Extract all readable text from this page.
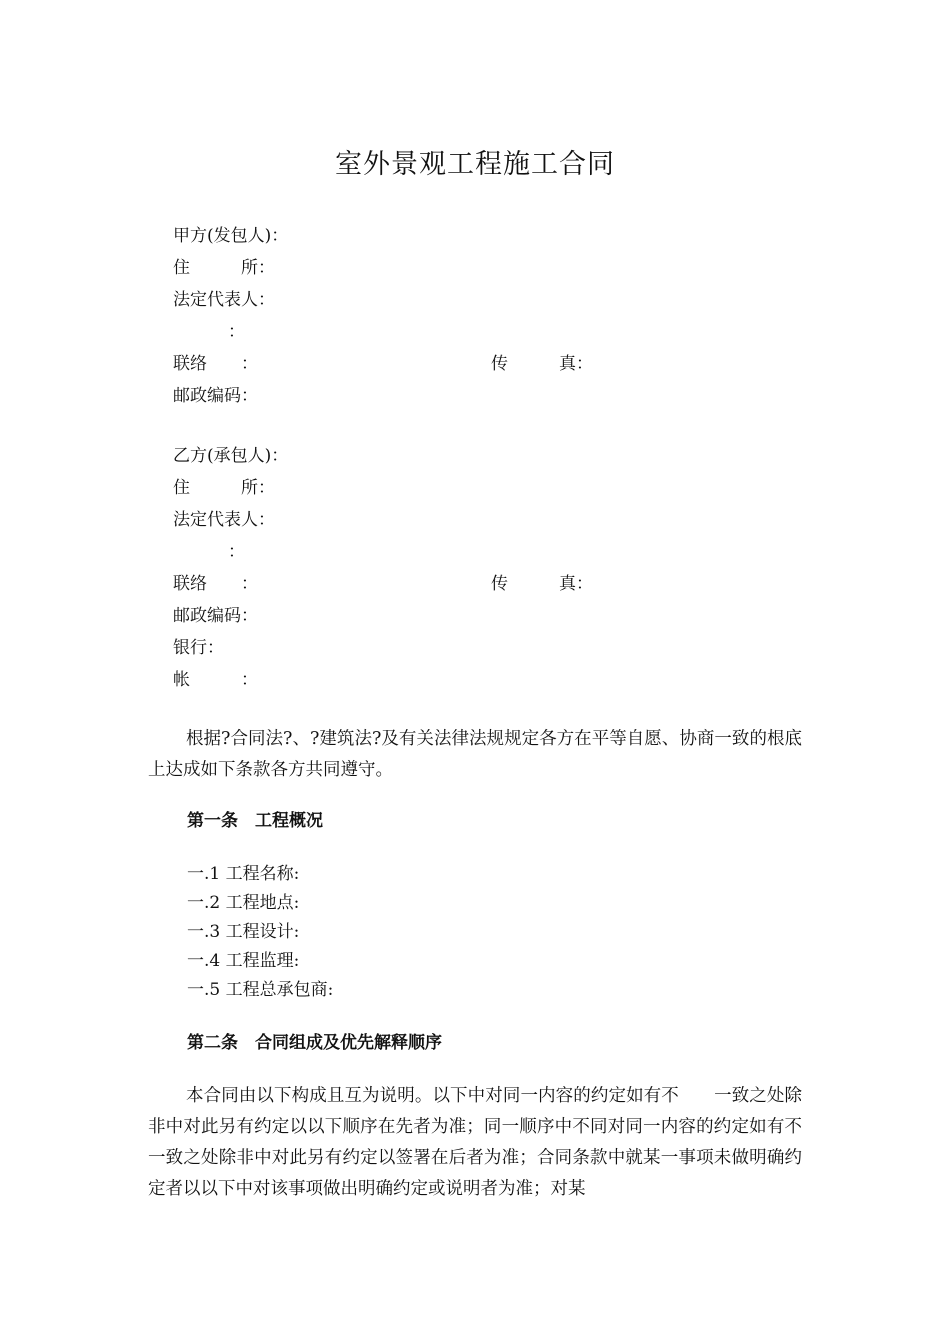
室外景观工程施工合同
甲方(发包人)：
住　　　所：
法定代表人：
：
联络　　：	传　　　真：
邮政编码：
乙方(承包人)：
住　　　所：
法定代表人：
：
联络　　：	传　　　真：
邮政编码：
银行：
帐　　　：
根据?合同法?、?建筑法?及有关法律法规规定各方在平等自愿、协商一致的根底上达成如下条款各方共同遵守。
第一条　工程概况
一.1 工程名称:
一.2 工程地点:
一.3 工程设计:
一.4 工程监理:
一.5 工程总承包商:
第二条　合同组成及优先解释顺序
本合同由以下构成且互为说明。以下中对同一内容的约定如有不　　一致之处除非中对此另有约定以以下顺序在先者为准；同一顺序中不同对同一内容的约定如有不一致之处除非中对此另有约定以签署在后者为准；合同条款中就某一事项未做明确约定者以以下中对该事项做出明确约定或说明者为准；对某
